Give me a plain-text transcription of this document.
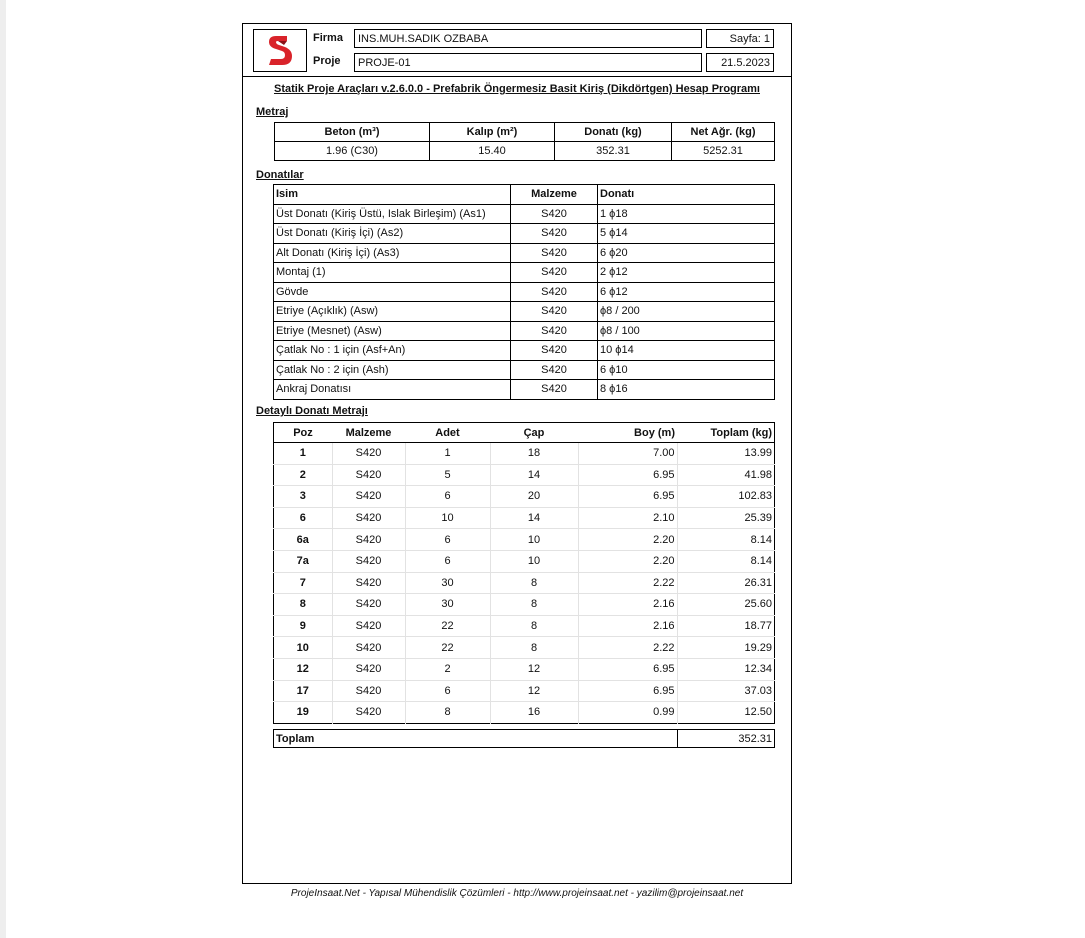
Firma	INS.MUH.SADIK OZBABA	Sayfa: 1
Proje	PROJE-01	21.5.2023
Statik Proje Araçları v.2.6.0.0 - Prefabrik Öngermesiz Basit Kiriş (Dikdörtgen) Hesap Programı
Metraj
Beton (m³)	Kalıp (m²)	Donatı (kg)	Net Ağr. (kg)
1.96 (C30)	15.40	352.31	5252.31
Donatılar
Isim	Malzeme	Donatı
Üst Donatı (Kiriş Üstü, Islak Birleşim) (As1)	S420	1 ϕ18
Üst Donatı (Kiriş İçi) (As2)	S420	5 ϕ14
Alt Donatı (Kiriş İçi) (As3)	S420	6 ϕ20
Montaj (1)	S420	2 ϕ12
Gövde	S420	6 ϕ12
Etriye (Açıklık) (Asw)	S420	ϕ8 / 200
Etriye (Mesnet) (Asw)	S420	ϕ8 / 100
Çatlak No : 1 için (Asf+An)	S420	10 ϕ14
Çatlak No : 2 için (Ash)	S420	6 ϕ10
Ankraj Donatısı	S420	8 ϕ16
Detaylı Donatı Metrajı
Poz	Malzeme	Adet	Çap	Boy (m)	Toplam (kg)
1	S420	1	18	7.00	13.99
2	S420	5	14	6.95	41.98
3	S420	6	20	6.95	102.83
6	S420	10	14	2.10	25.39
6a	S420	6	10	2.20	8.14
7a	S420	6	10	2.20	8.14
7	S420	30	8	2.22	26.31
8	S420	30	8	2.16	25.60
9	S420	22	8	2.16	18.77
10	S420	22	8	2.22	19.29
12	S420	2	12	6.95	12.34
17	S420	6	12	6.95	37.03
19	S420	8	16	0.99	12.50
Toplam	352.31
ProjeInsaat.Net - Yapısal Mühendislik Çözümleri - http://www.projeinsaat.net - yazilim@projeinsaat.net
